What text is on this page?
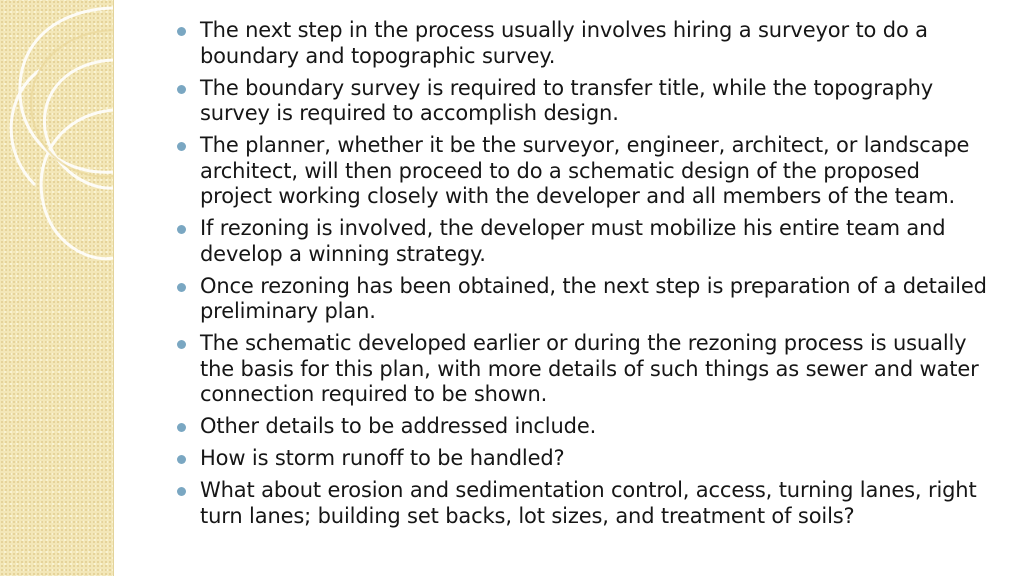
The next step in the process usually involves hiring a surveyor to do a boundary and topographic survey.
The boundary survey is required to transfer title, while the topography survey is required to accomplish design.
The planner, whether it be the surveyor, engineer, architect, or landscape architect, will then proceed to do a schematic design of the proposed project working closely with the developer and all members of the team.
If rezoning is involved, the developer must mobilize his entire team and develop a winning strategy.
Once rezoning has been obtained, the next step is preparation of a detailed preliminary plan.
The schematic developed earlier or during the rezoning process is usually the basis for this plan, with more details of such things as sewer and water connection required to be shown.
Other details to be addressed include.
How is storm runoff to be handled?
What about erosion and sedimentation control, access, turning lanes, right turn lanes; building set backs, lot sizes, and treatment of soils?
